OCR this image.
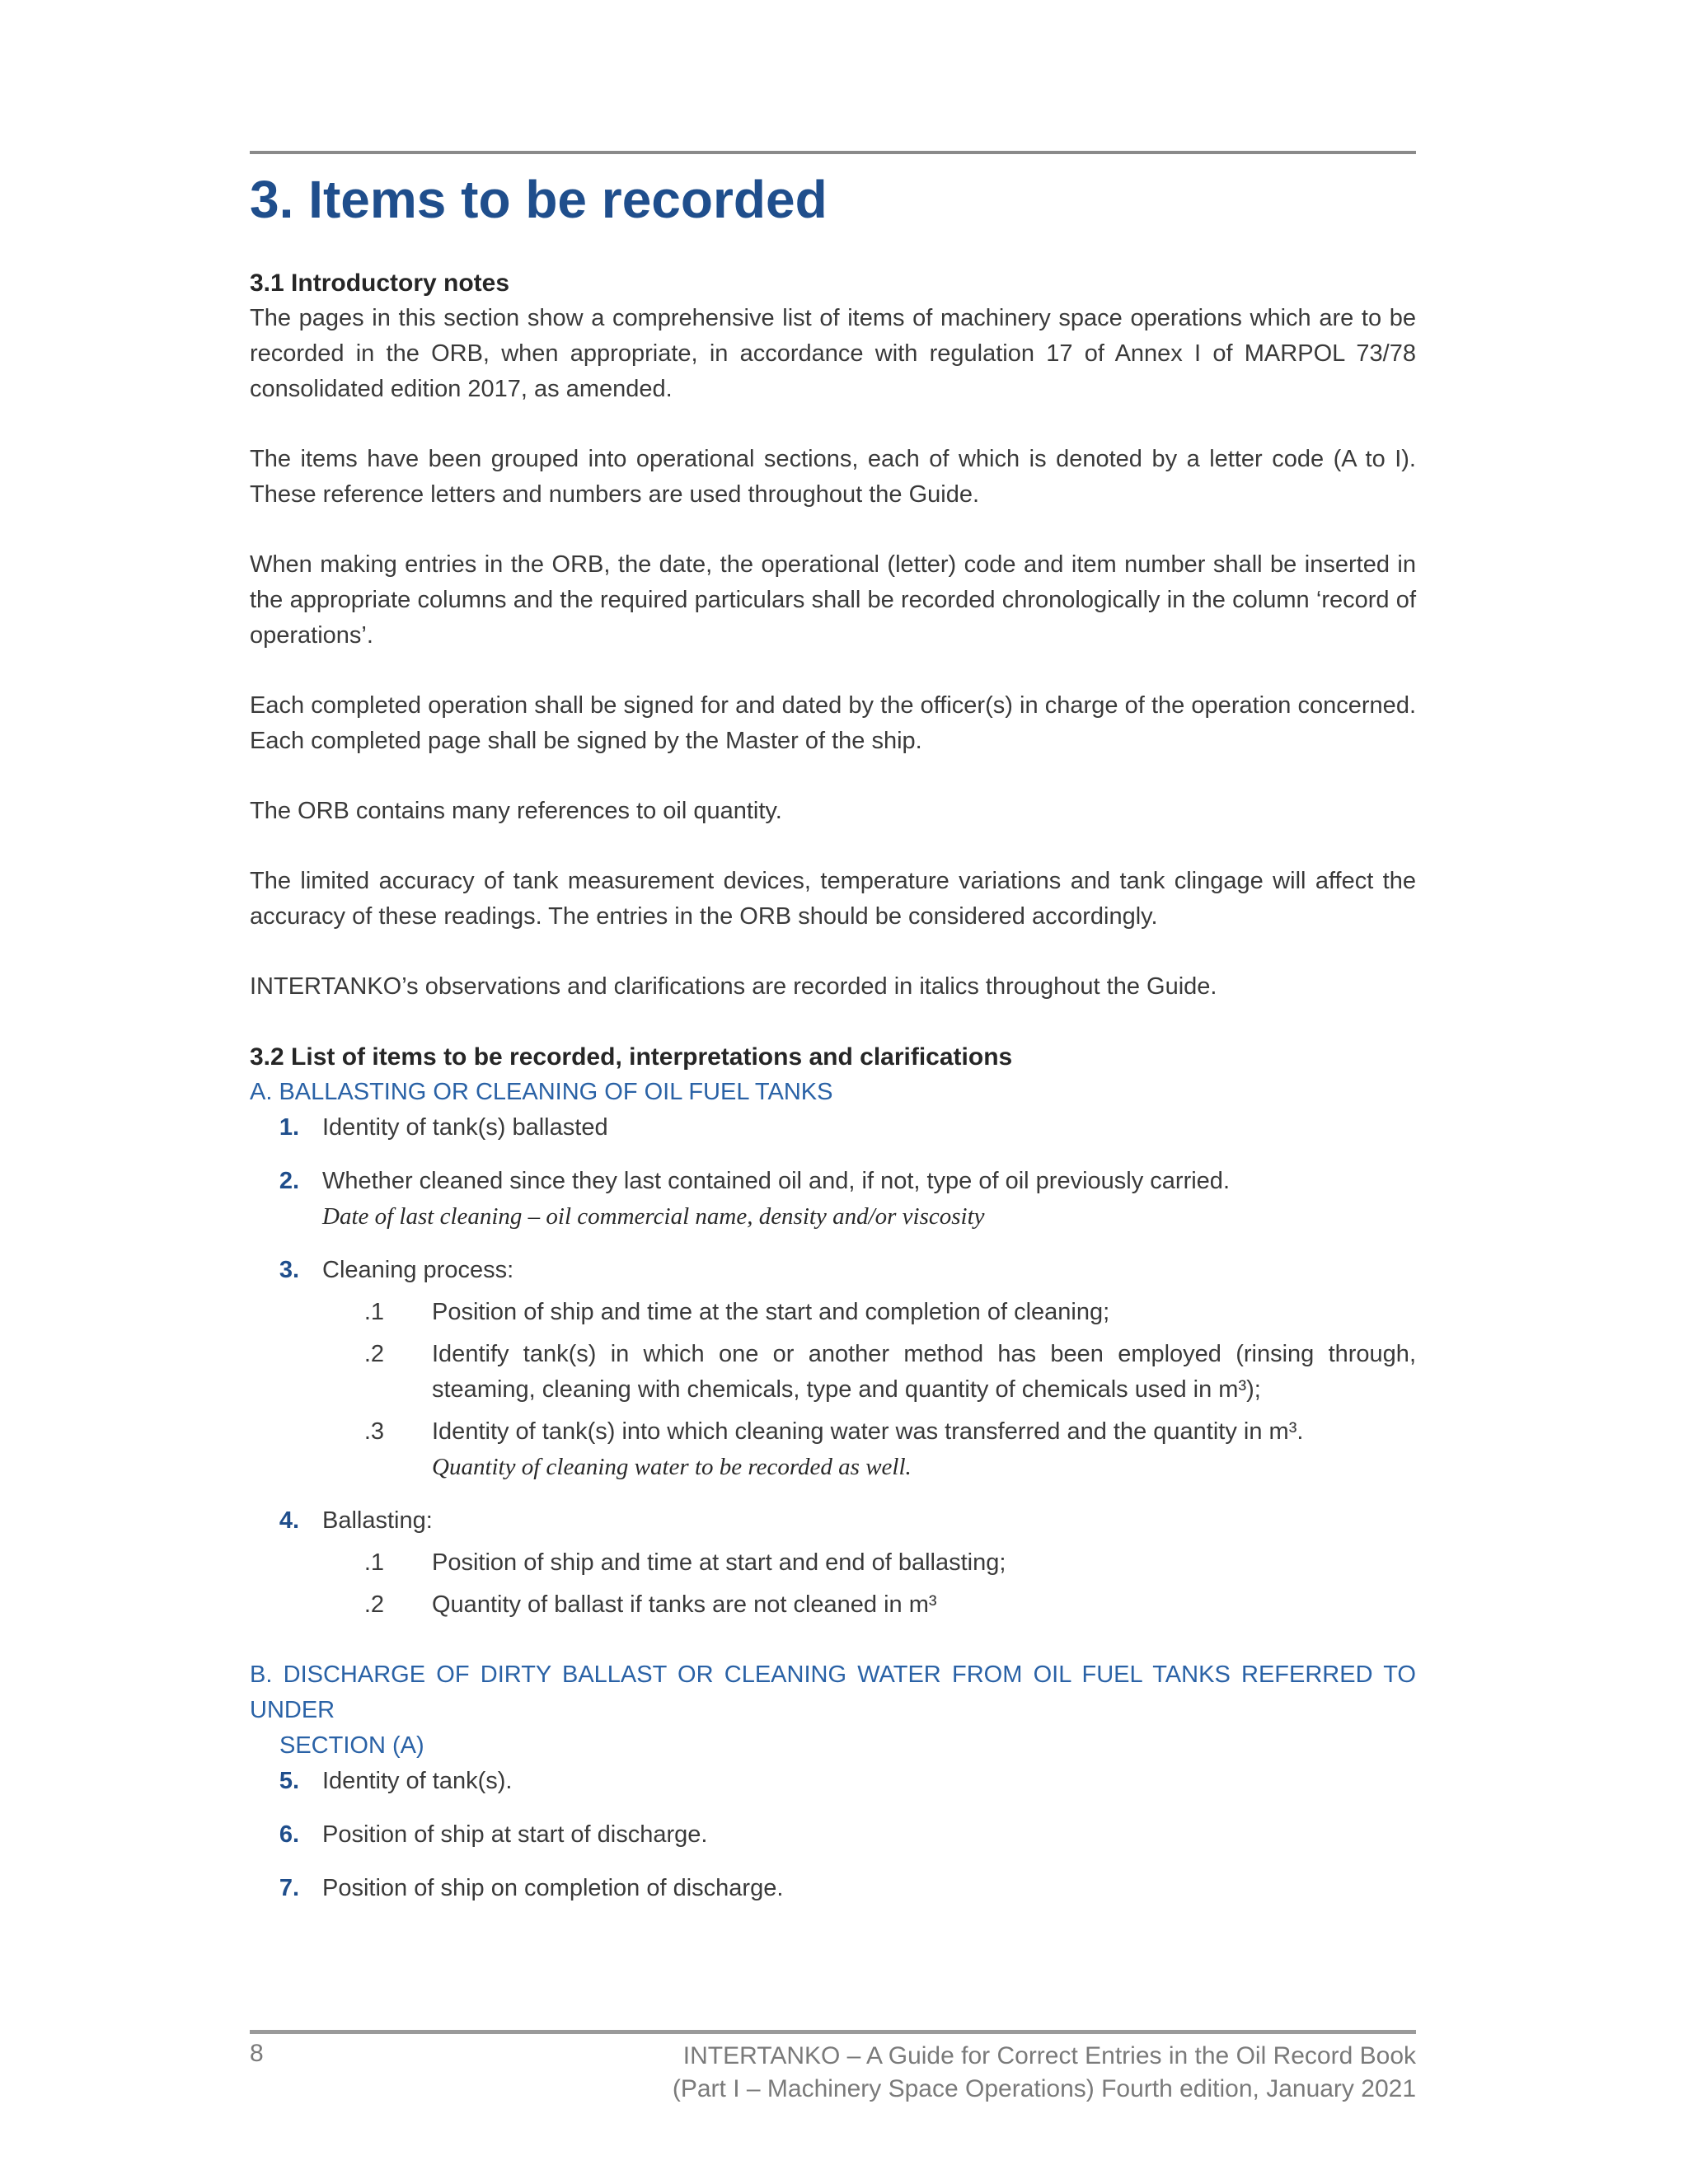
3. Items to be recorded
3.1 Introductory notes

The pages in this section show a comprehensive list of items of machinery space operations which are to be recorded in the ORB, when appropriate, in accordance with regulation 17 of Annex I of MARPOL 73/78 consolidated edition 2017, as amended.

The items have been grouped into operational sections, each of which is denoted by a letter code (A to I). These reference letters and numbers are used throughout the Guide.

When making entries in the ORB, the date, the operational (letter) code and item number shall be inserted in the appropriate columns and the required particulars shall be recorded chronologically in the column ‘record of operations’.

Each completed operation shall be signed for and dated by the officer(s) in charge of the operation concerned. Each completed page shall be signed by the Master of the ship.

The ORB contains many references to oil quantity.

The limited accuracy of tank measurement devices, temperature variations and tank clingage will affect the accuracy of these readings. The entries in the ORB should be considered accordingly.

INTERTANKO’s observations and clarifications are recorded in italics throughout the Guide.

3.2 List of items to be recorded, interpretations and clarifications
A. BALLASTING OR CLEANING OF OIL FUEL TANKS
1. Identity of tank(s) ballasted
2. Whether cleaned since they last contained oil and, if not, type of oil previously carried.
Date of last cleaning – oil commercial name, density and/or viscosity
3. Cleaning process:
.1	Position of ship and time at the start and completion of cleaning;
.2	Identify tank(s) in which one or another method has been employed (rinsing through, steaming, cleaning with chemicals, type and quantity of chemicals used in m³);
.3	Identity of tank(s) into which cleaning water was transferred and the quantity in m³.
Quantity of cleaning water to be recorded as well.
4. Ballasting:
.1	Position of ship and time at start and end of ballasting;
.2	Quantity of ballast if tanks are not cleaned in m³
B. DISCHARGE OF DIRTY BALLAST OR CLEANING WATER FROM OIL FUEL TANKS REFERRED TO UNDER
SECTION (A)
5. Identity of tank(s).
6. Position of ship at start of discharge.
7. Position of ship on completion of discharge.
8	INTERTANKO – A Guide for Correct Entries in the Oil Record Book
(Part I – Machinery Space Operations) Fourth edition, January 2021
